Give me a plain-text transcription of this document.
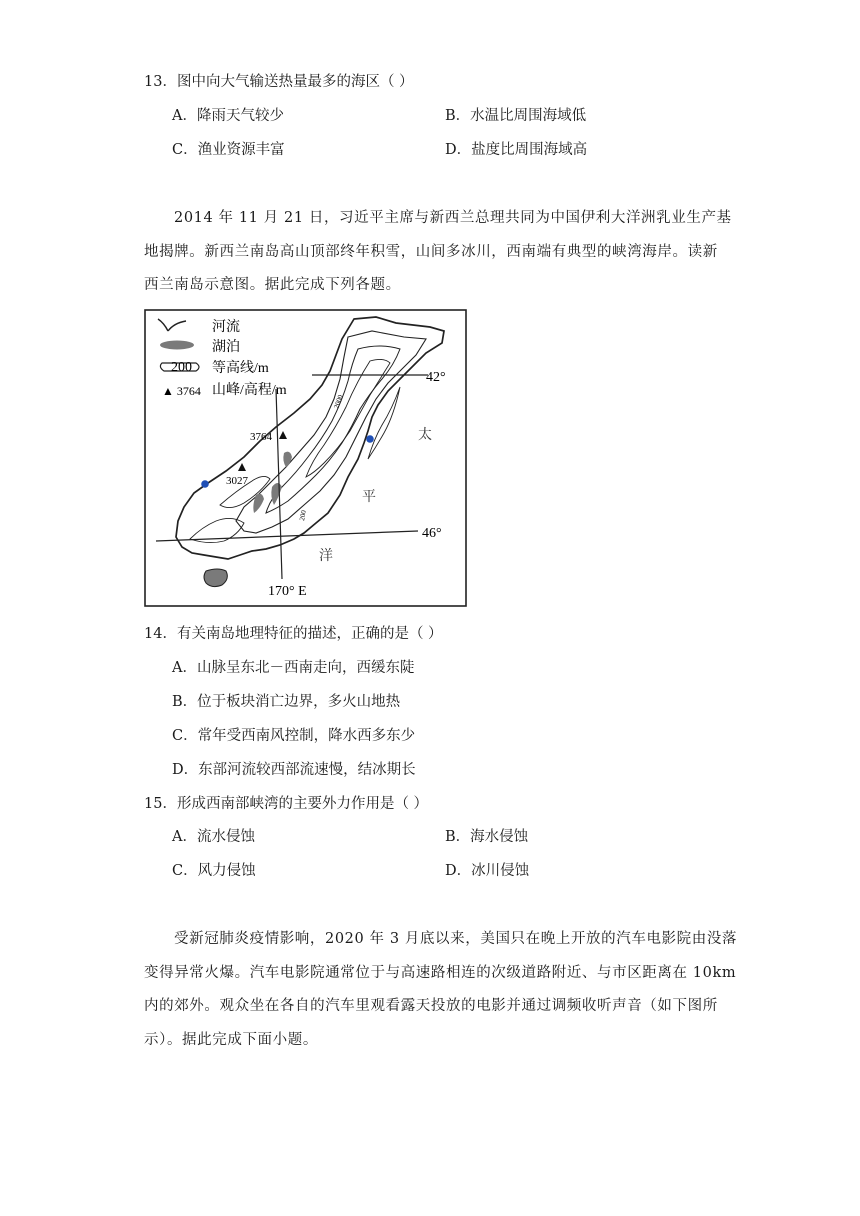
13．图中向大气输送热量最多的海区（ ）
A．降雨天气较少	B．水温比周围海域低
C．渔业资源丰富	D．盐度比周围海域高
2014 年 11 月 21 日，习近平主席与新西兰总理共同为中国伊利大洋洲乳业生产基
地揭牌。新西兰南岛高山顶部终年积雪，山间多冰川，西南端有典型的峡湾海岸。读新
西兰南岛示意图。据此完成下列各题。
河流
湖泊
200 等高线/m
▲ 3764 山峰/高程/m
42°
46°
170° E
3764
3027
2000
200
太
平
洋
14．有关南岛地理特征的描述，正确的是（ ）
A．山脉呈东北－西南走向，西缓东陡
B．位于板块消亡边界，多火山地热
C．常年受西南风控制，降水西多东少
D．东部河流较西部流速慢，结冰期长
15．形成西南部峡湾的主要外力作用是（ ）
A．流水侵蚀	B．海水侵蚀
C．风力侵蚀	D．冰川侵蚀
受新冠肺炎疫情影响，2020 年 3 月底以来，美国只在晚上开放的汽车电影院由没落
变得异常火爆。汽车电影院通常位于与高速路相连的次级道路附近、与市区距离在 10km
内的郊外。观众坐在各自的汽车里观看露天投放的电影并通过调频收听声音（如下图所
示）。据此完成下面小题。
